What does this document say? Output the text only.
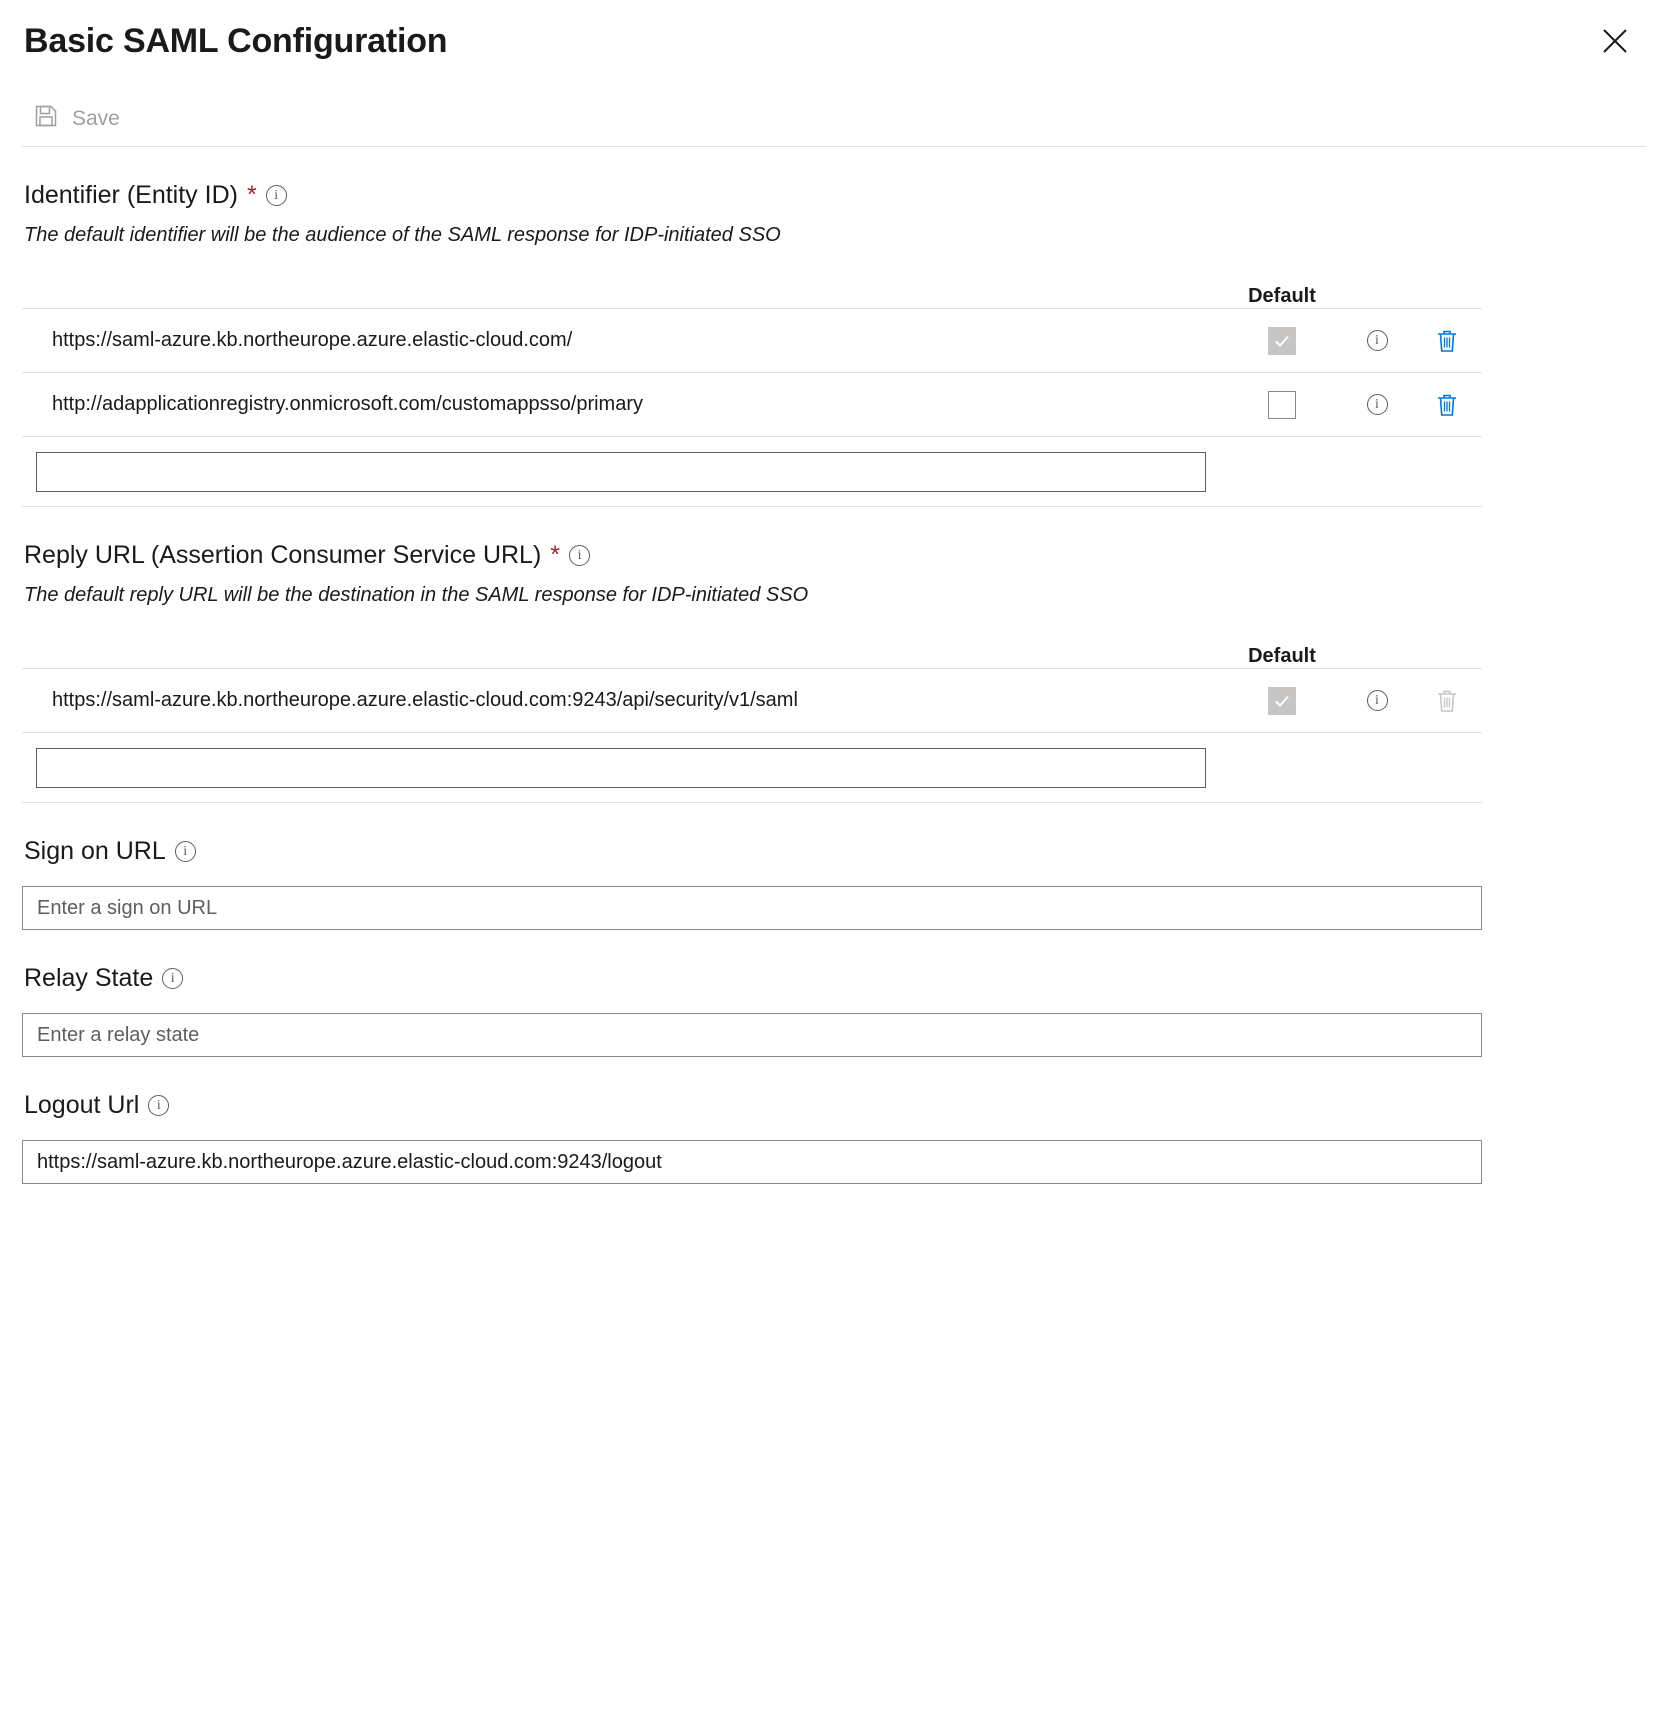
Basic SAML Configuration
Save
Identifier (Entity ID) *	i
The default identifier will be the audience of the SAML response for IDP-initiated SSO
Default
https://saml-azure.kb.northeurope.azure.elastic-cloud.com/	i
http://adapplicationregistry.onmicrosoft.com/customappsso/primary	i
Reply URL (Assertion Consumer Service URL) *	i
The default reply URL will be the destination in the SAML response for IDP-initiated SSO
Default
https://saml-azure.kb.northeurope.azure.elastic-cloud.com:9243/api/security/v1/saml	i
Sign on URL	i
Enter a sign on URL
Relay State	i
Enter a relay state
Logout Url	i
https://saml-azure.kb.northeurope.azure.elastic-cloud.com:9243/logout
